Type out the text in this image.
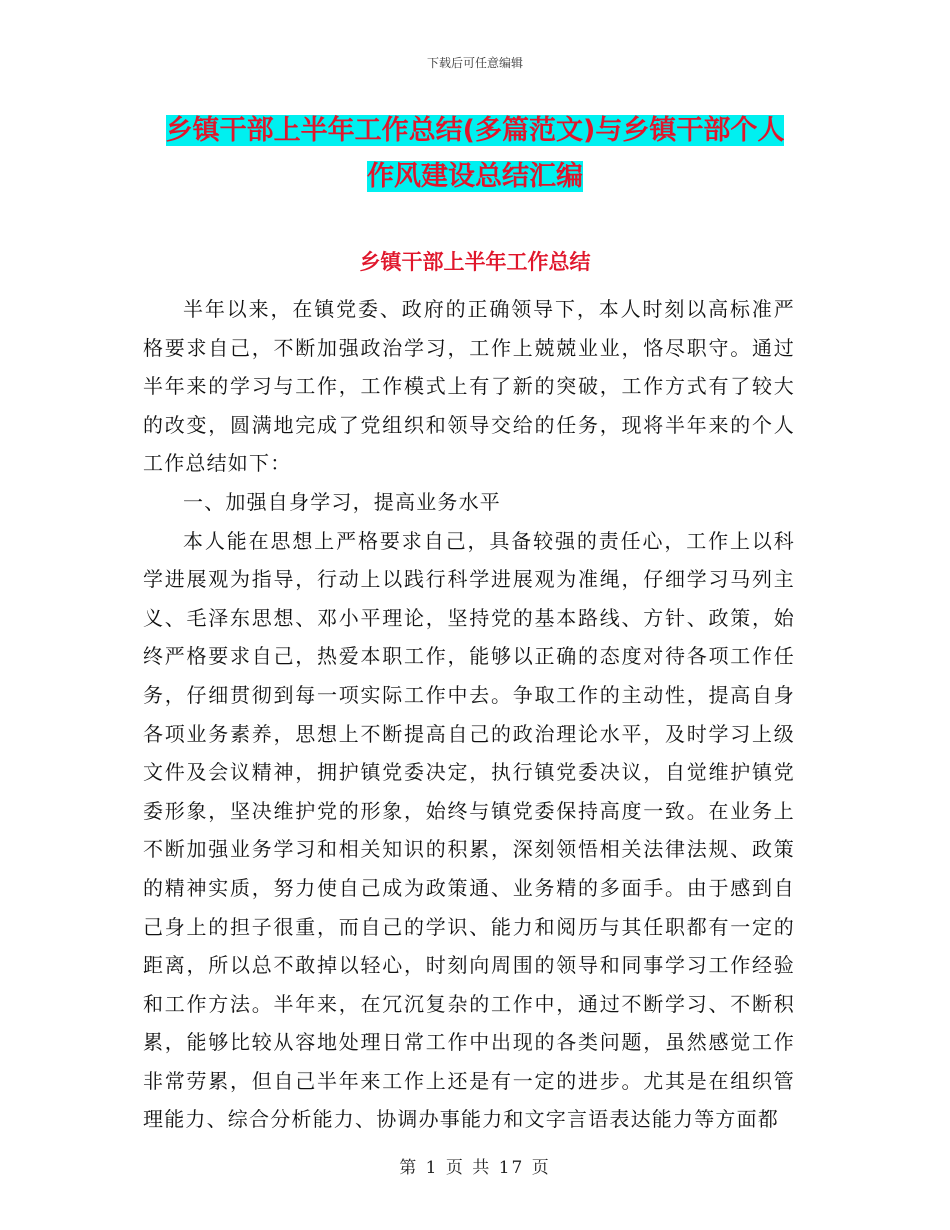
下载后可任意编辑
乡镇干部上半年工作总结(多篇范文)与乡镇干部个人
作风建设总结汇编
乡镇干部上半年工作总结

半年以来，在镇党委、政府的正确领导下，本人时刻以高标准严格要求自己，不断加强政治学习，工作上兢兢业业，恪尽职守。通过半年来的学习与工作，工作模式上有了新的突破，工作方式有了较大的改变，圆满地完成了党组织和领导交给的任务，现将半年来的个人工作总结如下：

一、加强自身学习，提高业务水平

本人能在思想上严格要求自己，具备较强的责任心，工作上以科学进展观为指导，行动上以践行科学进展观为准绳，仔细学习马列主义、毛泽东思想、邓小平理论，坚持党的基本路线、方针、政策，始终严格要求自己，热爱本职工作，能够以正确的态度对待各项工作任务，仔细贯彻到每一项实际工作中去。争取工作的主动性，提高自身各项业务素养，思想上不断提高自己的政治理论水平，及时学习上级文件及会议精神，拥护镇党委决定，执行镇党委决议，自觉维护镇党委形象，坚决维护党的形象，始终与镇党委保持高度一致。在业务上不断加强业务学习和相关知识的积累，深刻领悟相关法律法规、政策的精神实质，努力使自己成为政策通、业务精的多面手。由于感到自己身上的担子很重，而自己的学识、能力和阅历与其任职都有一定的距离，所以总不敢掉以轻心，时刻向周围的领导和同事学习工作经验和工作方法。半年来，在冗沉复杂的工作中，通过不断学习、不断积累，能够比较从容地处理日常工作中出现的各类问题，虽然感觉工作非常劳累，但自己半年来工作上还是有一定的进步。尤其是在组织管理能力、综合分析能力、协调办事能力和文字言语表达能力等方面都

第 1 页 共 17 页
